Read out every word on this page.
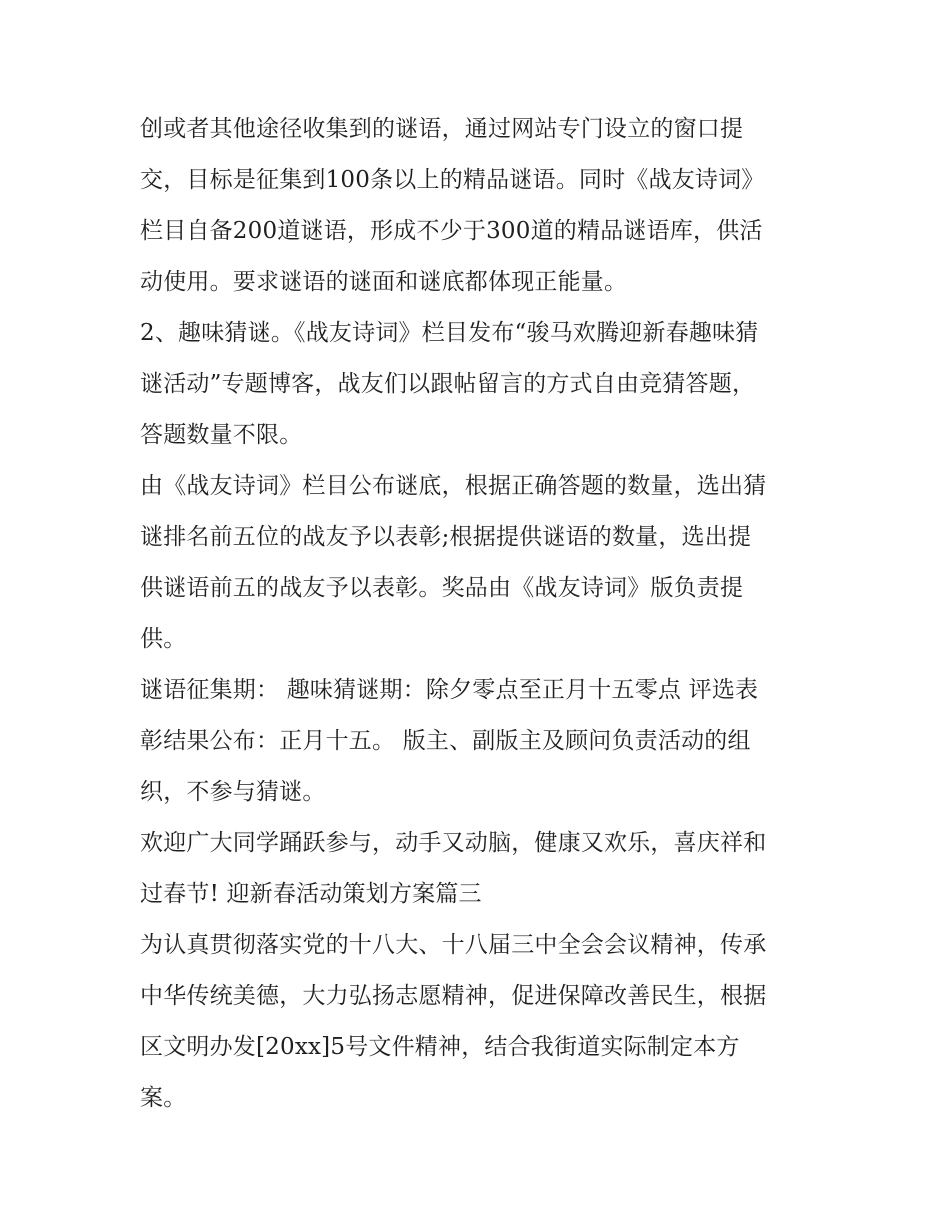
创或者其他途径收集到的谜语，通过网站专门设立的窗口提
交，目标是征集到100条以上的精品谜语。同时《战友诗词》
栏目自备200道谜语，形成不少于300道的精品谜语库，供活
动使用。要求谜语的谜面和谜底都体现正能量。
2、趣味猜谜。《战友诗词》栏目发布“骏马欢腾迎新春趣味猜
谜活动”专题博客，战友们以跟帖留言的方式自由竞猜答题，
答题数量不限。
由《战友诗词》栏目公布谜底，根据正确答题的数量，选出猜
谜排名前五位的战友予以表彰;根据提供谜语的数量，选出提
供谜语前五的战友予以表彰。奖品由《战友诗词》版负责提
供。
谜语征集期： 趣味猜谜期：除夕零点至正月十五零点 评选表
彰结果公布：正月十五。 版主、副版主及顾问负责活动的组
织，不参与猜谜。
欢迎广大同学踊跃参与，动手又动脑，健康又欢乐，喜庆祥和
过春节! 迎新春活动策划方案篇三
为认真贯彻落实党的十八大、十八届三中全会会议精神，传承
中华传统美德，大力弘扬志愿精神，促进保障改善民生，根据
区文明办发[20xx]5号文件精神，结合我街道实际制定本方
案。
